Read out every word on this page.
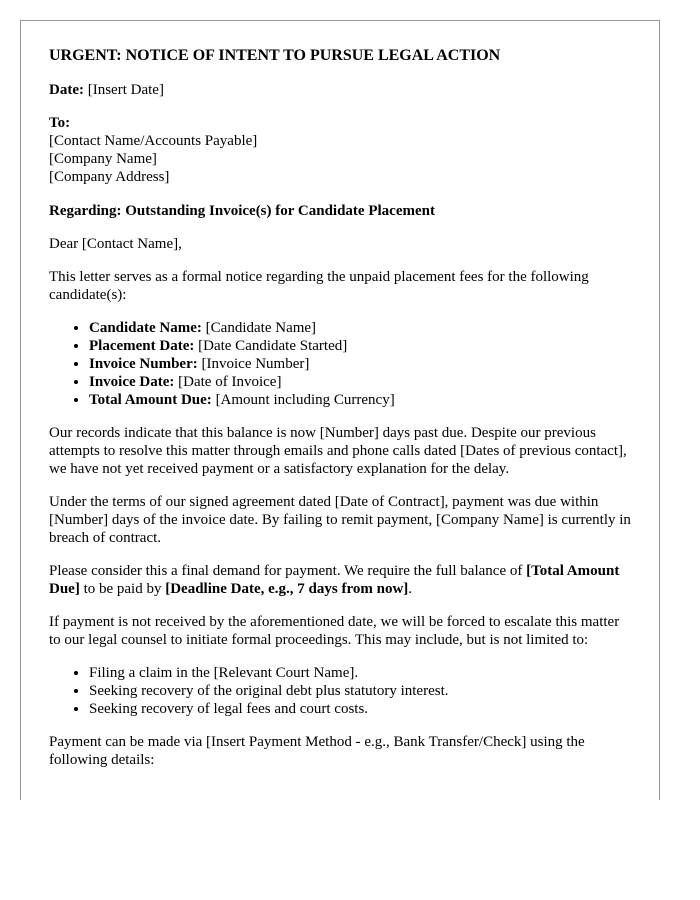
URGENT: NOTICE OF INTENT TO PURSUE LEGAL ACTION

Date: [Insert Date]

To:
[Contact Name/Accounts Payable]
[Company Name]
[Company Address]

Regarding: Outstanding Invoice(s) for Candidate Placement

Dear [Contact Name],

This letter serves as a formal notice regarding the unpaid placement fees for the following candidate(s):

• Candidate Name: [Candidate Name]
• Placement Date: [Date Candidate Started]
• Invoice Number: [Invoice Number]
• Invoice Date: [Date of Invoice]
• Total Amount Due: [Amount including Currency]

Our records indicate that this balance is now [Number] days past due. Despite our previous attempts to resolve this matter through emails and phone calls dated [Dates of previous contact], we have not yet received payment or a satisfactory explanation for the delay.

Under the terms of our signed agreement dated [Date of Contract], payment was due within [Number] days of the invoice date. By failing to remit payment, [Company Name] is currently in breach of contract.

Please consider this a final demand for payment. We require the full balance of [Total Amount Due] to be paid by [Deadline Date, e.g., 7 days from now].

If payment is not received by the aforementioned date, we will be forced to escalate this matter to our legal counsel to initiate formal proceedings. This may include, but is not limited to:

• Filing a claim in the [Relevant Court Name].
• Seeking recovery of the original debt plus statutory interest.
• Seeking recovery of legal fees and court costs.

Payment can be made via [Insert Payment Method - e.g., Bank Transfer/Check] using the following details:
